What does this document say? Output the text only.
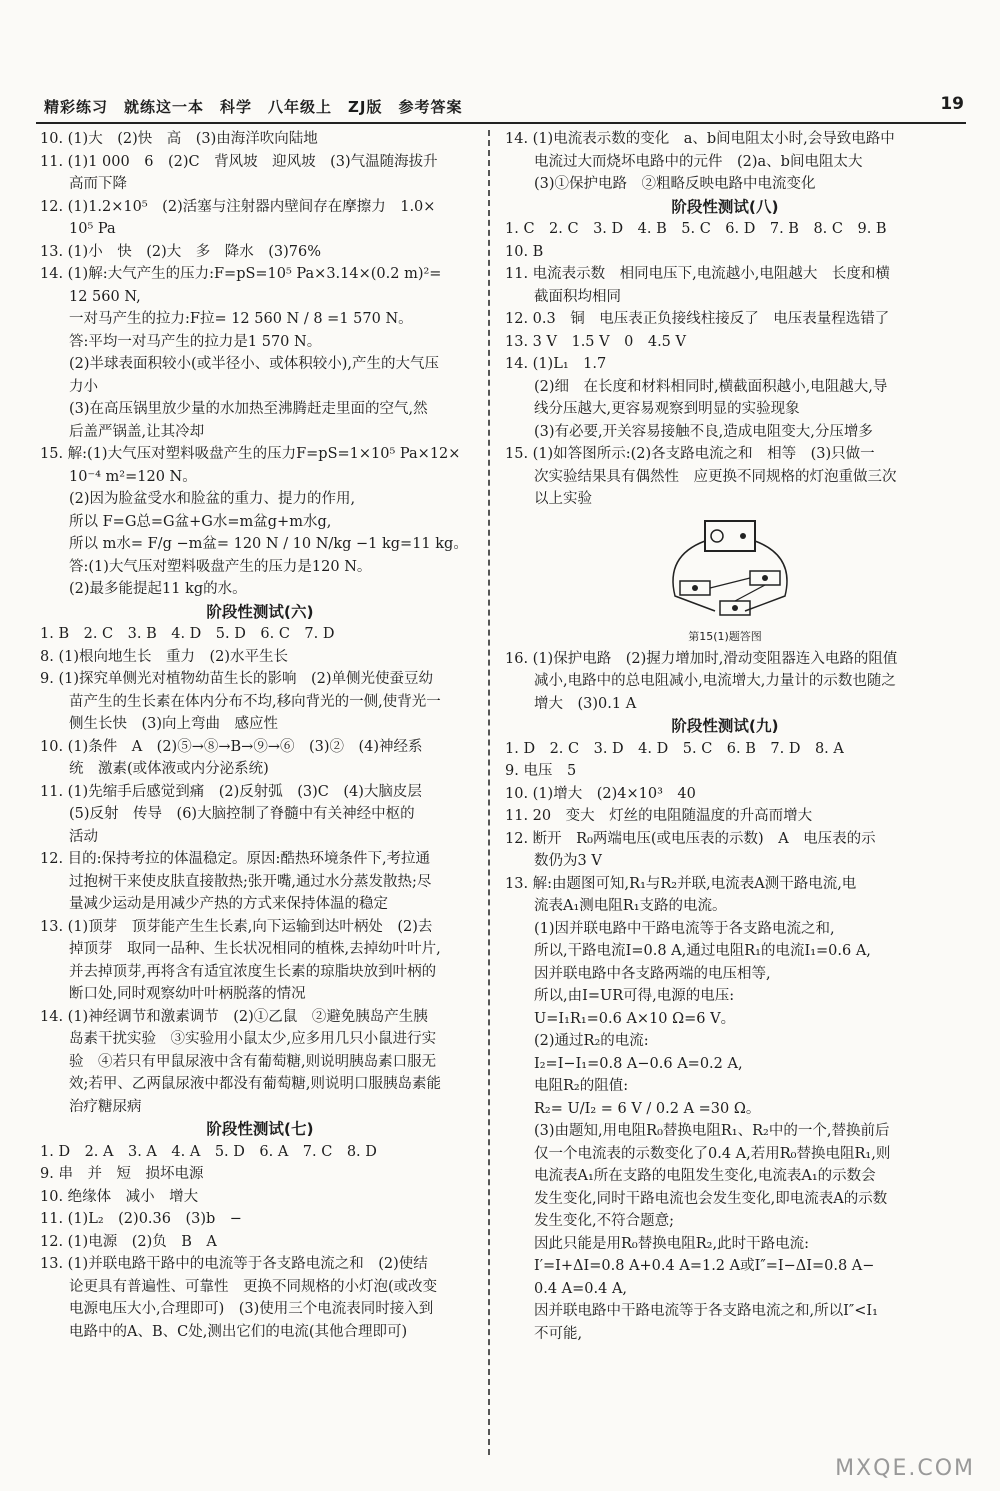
精彩练习　就练这一本　科学　八年级上　ZJ版　参考答案	19
10. (1)大　(2)快　高　(3)由海洋吹向陆地
11. (1)1 000　6　(2)C　背风坡　迎风坡　(3)气温随海拔升
　　高而下降
12. (1)1.2×10⁵　(2)活塞与注射器内壁间存在摩擦力　1.0×
　　10⁵ Pa
13. (1)小　快　(2)大　多　降水　(3)76%
14. (1)解:大气产生的压力:F=pS=10⁵ Pa×3.14×(0.2 m)²=
　　12 560 N,
　　一对马产生的拉力:F拉= 12 560 N / 8 =1 570 N。
　　答:平均一对马产生的拉力是1 570 N。
　　(2)半球表面积较小(或半径小、或体积较小),产生的大气压
　　力小
　　(3)在高压锅里放少量的水加热至沸腾赶走里面的空气,然
　　后盖严锅盖,让其冷却
15. 解:(1)大气压对塑料吸盘产生的压力F=pS=1×10⁵ Pa×12×
　　10⁻⁴ m²=120 N。
　　(2)因为脸盆受水和脸盆的重力、提力的作用,
　　所以 F=G总=G盆+G水=m盆g+m水g,
　　所以 m水= F/g −m盆= 120 N / 10 N/kg −1 kg=11 kg。
　　答:(1)大气压对塑料吸盘产生的压力是120 N。
　　(2)最多能提起11 kg的水。
阶段性测试(六)
1. B　2. C　3. B　4. D　5. D　6. C　7. D
8. (1)根向地生长　重力　(2)水平生长
9. (1)探究单侧光对植物幼苗生长的影响　(2)单侧光使蚕豆幼
　　苗产生的生长素在体内分布不均,移向背光的一侧,使背光一
　　侧生长快　(3)向上弯曲　感应性
10. (1)条件　A　(2)⑤→⑧→B→⑨→⑥　(3)②　(4)神经系
　　统　激素(或体液或内分泌系统)
11. (1)先缩手后感觉到痛　(2)反射弧　(3)C　(4)大脑皮层
　　(5)反射　传导　(6)大脑控制了脊髓中有关神经中枢的
　　活动
12. 目的:保持考拉的体温稳定。原因:酷热环境条件下,考拉通
　　过抱树干来使皮肤直接散热;张开嘴,通过水分蒸发散热;尽
　　量减少运动是用减少产热的方式来保持体温的稳定
13. (1)顶芽　顶芽能产生生长素,向下运输到达叶柄处　(2)去
　　掉顶芽　取同一品种、生长状况相同的植株,去掉幼叶叶片,
　　并去掉顶芽,再将含有适宜浓度生长素的琼脂块放到叶柄的
　　断口处,同时观察幼叶叶柄脱落的情况
14. (1)神经调节和激素调节　(2)①乙鼠　②避免胰岛产生胰
　　岛素干扰实验　③实验用小鼠太少,应多用几只小鼠进行实
　　验　④若只有甲鼠尿液中含有葡萄糖,则说明胰岛素口服无
　　效;若甲、乙两鼠尿液中都没有葡萄糖,则说明口服胰岛素能
　　治疗糖尿病
阶段性测试(七)
1. D　2. A　3. A　4. A　5. D　6. A　7. C　8. D
9. 串　并　短　损坏电源
10. 绝缘体　减小　增大
11. (1)L₂　(2)0.36　(3)b　−
12. (1)电源　(2)负　B　A
13. (1)并联电路干路中的电流等于各支路电流之和　(2)使结
　　论更具有普遍性、可靠性　更换不同规格的小灯泡(或改变
　　电源电压大小,合理即可)　(3)使用三个电流表同时接入到
　　电路中的A、B、C处,测出它们的电流(其他合理即可)
14. (1)电流表示数的变化　a、b间电阻太小时,会导致电路中
　　电流过大而烧坏电路中的元件　(2)a、b间电阻太大
　　(3)①保护电路　②粗略反映电路中电流变化
阶段性测试(八)
1. C　2. C　3. D　4. B　5. C　6. D　7. B　8. C　9. B
10. B
11. 电流表示数　相同电压下,电流越小,电阻越大　长度和横
　　截面积均相同
12. 0.3　铜　电压表正负接线柱接反了　电压表量程选错了
13. 3 V　1.5 V　0　4.5 V
14. (1)L₁　1.7
　　(2)细　在长度和材料相同时,横截面积越小,电阻越大,导
　　线分压越大,更容易观察到明显的实验现象
　　(3)有必要,开关容易接触不良,造成电阻变大,分压增多
15. (1)如答图所示:(2)各支路电流之和　相等　(3)只做一
　　次实验结果具有偶然性　应更换不同规格的灯泡重做三次
　　以上实验
第15(1)题答图
16. (1)保护电路　(2)握力增加时,滑动变阻器连入电路的阻值
　　减小,电路中的总电阻减小,电流增大,力量计的示数也随之
　　增大　(3)0.1 A
阶段性测试(九)
1. D　2. C　3. D　4. D　5. C　6. B　7. D　8. A
9. 电压　5
10. (1)增大　(2)4×10³　40
11. 20　变大　灯丝的电阻随温度的升高而增大
12. 断开　R₀两端电压(或电压表的示数)　A　电压表的示
　　数仍为3 V
13. 解:由题图可知,R₁与R₂并联,电流表A测干路电流,电
　　流表A₁测电阻R₁支路的电流。
　　(1)因并联电路中干路电流等于各支路电流之和,
　　所以,干路电流I=0.8 A,通过电阻R₁的电流I₁=0.6 A,
　　因并联电路中各支路两端的电压相等,
　　所以,由I=UR可得,电源的电压:
　　U=I₁R₁=0.6 A×10 Ω=6 V。
　　(2)通过R₂的电流:
　　I₂=I−I₁=0.8 A−0.6 A=0.2 A,
　　电阻R₂的阻值:
　　R₂= U/I₂ = 6 V / 0.2 A =30 Ω。
　　(3)由题知,用电阻R₀替换电阻R₁、R₂中的一个,替换前后
　　仅一个电流表的示数变化了0.4 A,若用R₀替换电阻R₁,则
　　电流表A₁所在支路的电阻发生变化,电流表A₁的示数会
　　发生变化,同时干路电流也会发生变化,即电流表A的示数
　　发生变化,不符合题意;
　　因此只能是用R₀替换电阻R₂,此时干路电流:
　　I′=I+ΔI=0.8 A+0.4 A=1.2 A或I″=I−ΔI=0.8 A−
　　0.4 A=0.4 A,
　　因并联电路中干路电流等于各支路电流之和,所以I″<I₁
　　不可能,
MXQE.COM
